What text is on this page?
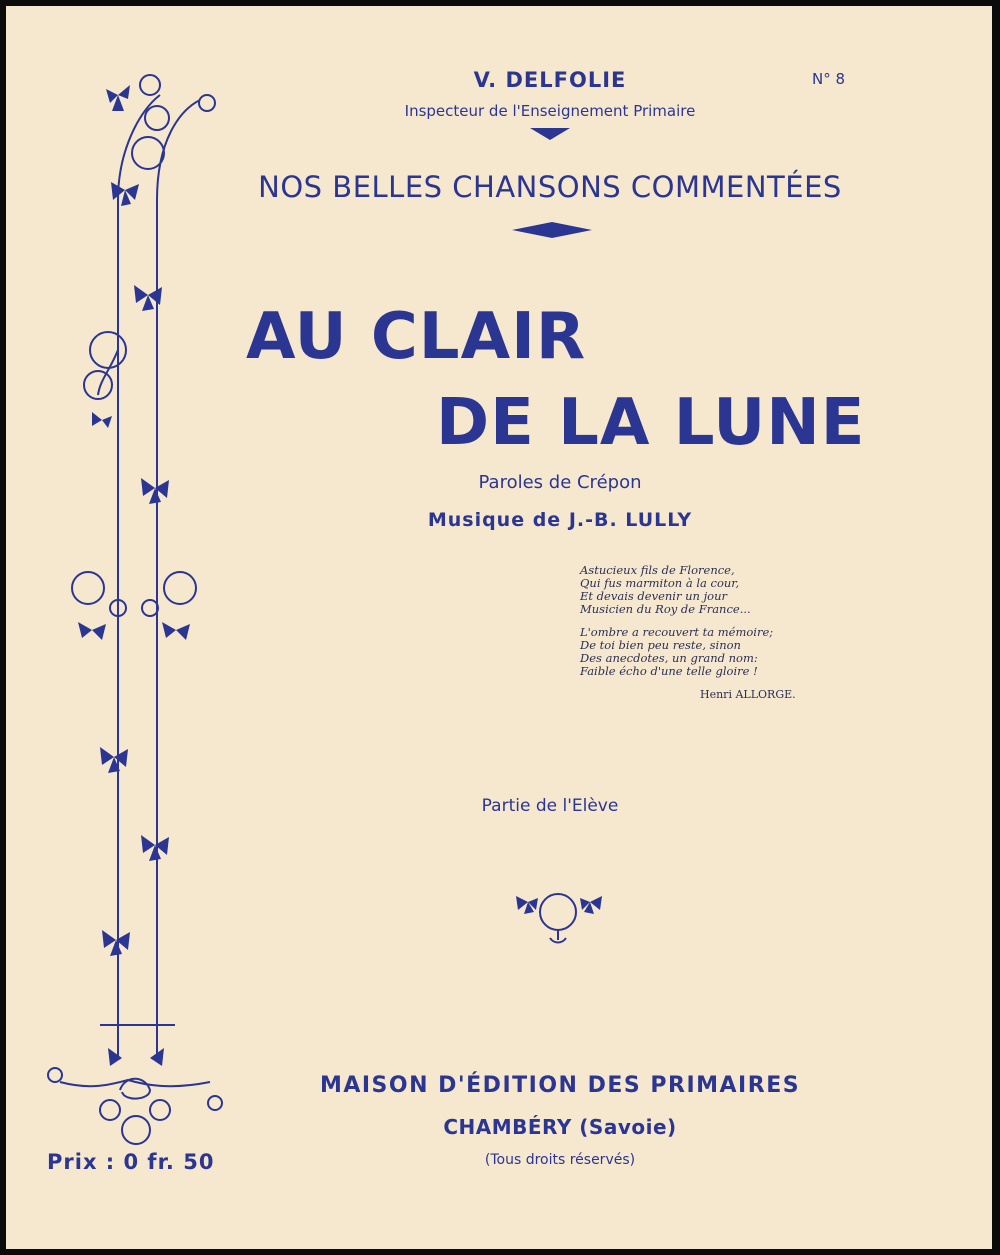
V. DELFOLIE
Inspecteur de l'Enseignement Primaire
N° 8
NOS BELLES CHANSONS COMMENTÉES
AU CLAIR
DE LA LUNE
Paroles de Crépon
Musique de J.-B. LULLY
Astucieux fils de Florence,
Qui fus marmiton à la cour,
Et devais devenir un jour
Musicien du Roy de France...
L'ombre a recouvert ta mémoire;
De toi bien peu reste, sinon
Des anecdotes, un grand nom:
Faible écho d'une telle gloire !
Henri ALLORGE.
Partie de l'Elève
MAISON D'ÉDITION DES PRIMAIRES
CHAMBÉRY (Savoie)
(Tous droits réservés)
Prix : 0 fr. 50
